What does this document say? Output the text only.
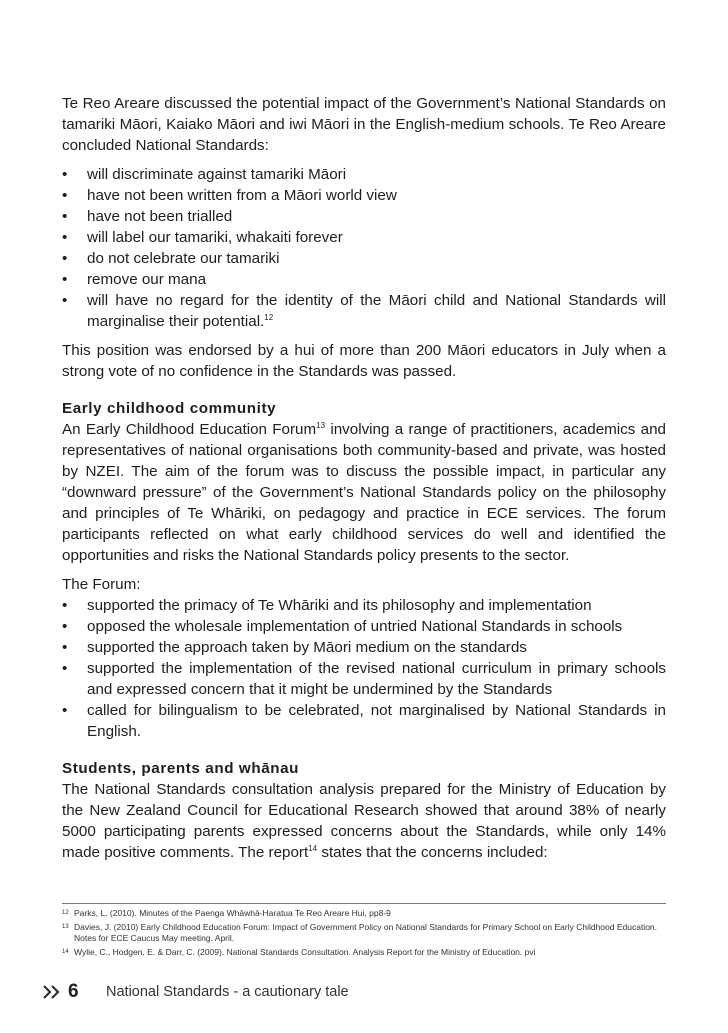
Te Reo Areare discussed the potential impact of the Government’s National Standards on tamariki Māori, Kaiako Māori and iwi Māori in the English-medium schools. Te Reo Areare concluded National Standards:

• will discriminate against tamariki Māori
• have not been written from a Māori world view
• have not been trialled
• will label our tamariki, whakaiti forever
• do not celebrate our tamariki
• remove our mana
• will have no regard for the identity of the Māori child and National Standards will marginalise their potential.$^{12}$

This position was endorsed by a hui of more than 200 Māori educators in July when a strong vote of no confidence in the Standards was passed.

Early childhood community

An Early Childhood Education Forum$^{13}$ involving a range of practitioners, academics and representatives of national organisations both community-based and private, was hosted by NZEI. The aim of the forum was to discuss the possible impact, in particular any “downward pressure” of the Government’s National Standards policy on the philosophy and principles of Te Whāriki, on pedagogy and practice in ECE services. The forum participants reflected on what early childhood services do well and identified the opportunities and risks the National Standards policy presents to the sector.

The Forum:

• supported the primacy of Te Whāriki and its philosophy and implementation
• opposed the wholesale implementation of untried National Standards in schools
• supported the approach taken by Māori medium on the standards
• supported the implementation of the revised national curriculum in primary schools and expressed concern that it might be undermined by the Standards
• called for bilingualism to be celebrated, not marginalised by National Standards in English.
Students, parents and whānau

The National Standards consultation analysis prepared for the Ministry of Education by the New Zealand Council for Educational Research showed that around 38% of nearly 5000 participating parents expressed concerns about the Standards, while only 14% made positive comments. The report$^{14}$ states that the concerns included:

12 Parks, L. (2010). Minutes of the Paenga Whāwhā-Haratua Te Reo Areare Hui, pp8-9
13 Davies, J. (2010) Early Childhood Education Forum: Impact of Government Policy on National Standards for Primary School on Early Childhood Education. Notes for ECE Caucus May meeting. April.
14 Wylie, C., Hodgen, E. & Darr, C. (2009). National Standards Consultation. Analysis Report for the Ministry of Education. pvi
6	National Standards - a cautionary tale
